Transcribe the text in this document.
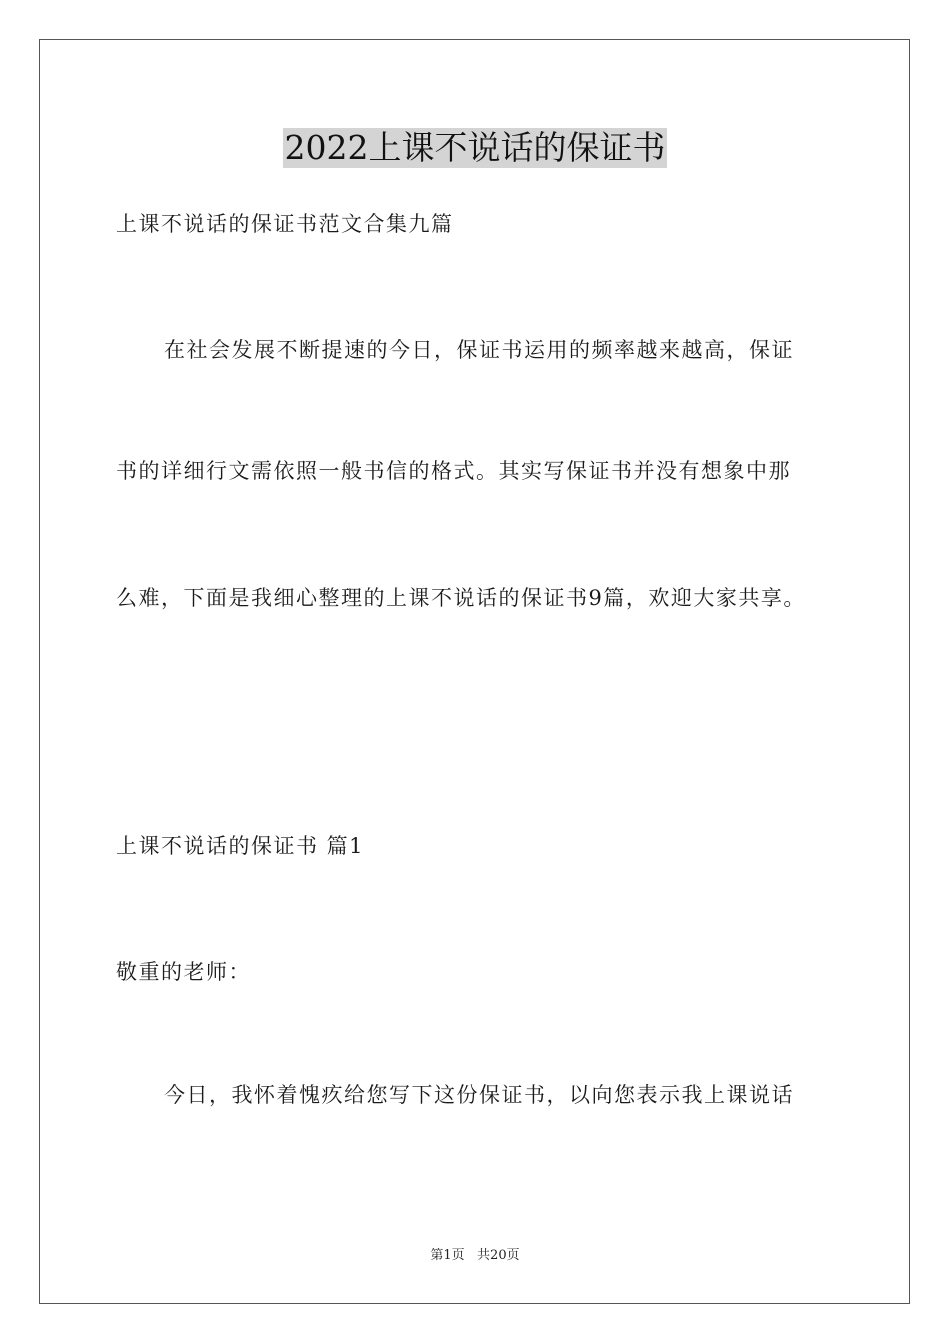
2022上课不说话的保证书
上课不说话的保证书范文合集九篇
在社会发展不断提速的今日，保证书运用的频率越来越高，保证
书的详细行文需依照一般书信的格式。其实写保证书并没有想象中那
么难，下面是我细心整理的上课不说话的保证书9篇，欢迎大家共享。
上课不说话的保证书 篇1
敬重的老师：
今日，我怀着愧疚给您写下这份保证书，以向您表示我上课说话
第1页   共20页
